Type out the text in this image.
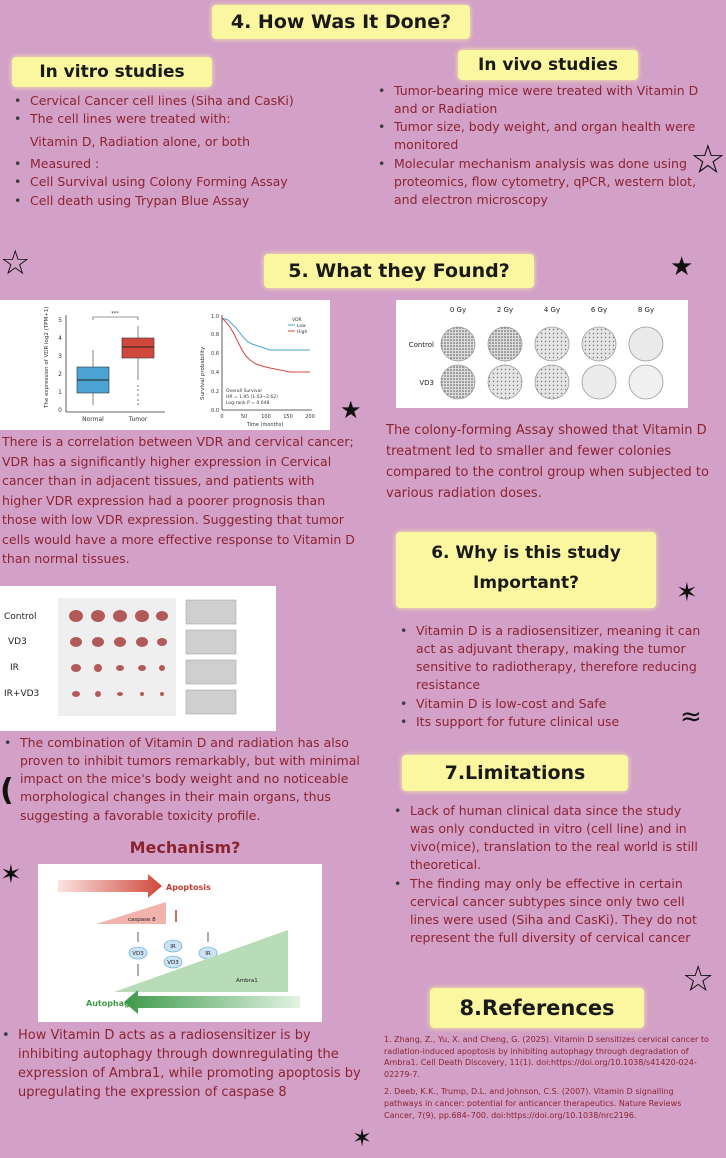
4. How Was It Done?
In vitro studies
• Cervical Cancer cell lines (Siha and CasKi)
• The cell lines were treated with:
Vitamin D, Radiation alone, or both
• Measured :
• Cell Survival using Colony Forming Assay
• Cell death using Trypan Blue Assay
In vivo studies
• Tumor-bearing mice were treated with Vitamin D and or Radiation
• Tumor size, body weight, and organ health were monitored
• Molecular mechanism analysis was done using proteomics, flow cytometry, qPCR, western blot, and electron microscopy
☆
☆
★
★
5. What they Found?
The expression of VDR log2 (TPM+1)
0
1
2
3
4
5
***
Normal	Tumor
Survival probability
0.0
0.2
0.4
0.6
0.8
1.0
0	50	100 150 200
Time (months)
VDR
Low
High
Overall Survival
HR = 1.95 (1.03~2.62)
Log-rank P = 0.048
0 Gy	2 Gy	4 Gy	6 Gy	8 Gy
Control
VD3
There is a correlation between VDR and cervical cancer; VDR has a significantly higher expression in Cervical cancer than in adjacent tissues, and patients with higher VDR expression had a poorer prognosis than those with low VDR expression. Suggesting that tumor cells would have a more effective response to Vitamin D than normal tissues.
The colony-forming Assay showed that Vitamin D treatment led to smaller and fewer colonies compared to the control group when subjected to various radiation doses.
Control
VD3
IR
IR+VD3
• The combination of Vitamin D and radiation has also proven to inhibit tumors remarkably, but with minimal impact on the mice's body weight and no noticeable morphological changes in their main organs, thus suggesting a favorable toxicity profile.
(
Mechanism?
✶	Apoptosis
caspase 8
IR
VD3
VD3
IR
Ambra1
Autophagy
• How Vitamin D acts as a radiosensitizer is by inhibiting autophagy through downregulating the expression of Ambra1, while promoting apoptosis by upregulating the expression of caspase 8
✶
6. Why is this study Important?	✶
• Vitamin D is a radiosensitizer, meaning it can act as adjuvant therapy, making the tumor sensitive to radiotherapy, therefore reducing resistance
• Vitamin D is low-cost and Safe
• Its support for future clinical use	≈
7.Limitations
• Lack of human clinical data since the study was only conducted in vitro (cell line) and in vivo(mice), translation to the real world is still theoretical.
• The finding may only be effective in certain cervical cancer subtypes since only two cell lines were used (Siha and CasKi). They do not represent the full diversity of cervical cancer
☆
8.References
1. Zhang, Z., Yu, X. and Cheng, G. (2025). Vitamin D sensitizes cervical cancer to radiation-induced apoptosis by inhibiting autophagy through degradation of Ambra1. Cell Death Discovery, 11(1). doi:https://doi.org/10.1038/s41420-024-02279-7.
2. Deeb, K.K., Trump, D.L. and Johnson, C.S. (2007). Vitamin D signalling pathways in cancer: potential for anticancer therapeutics. Nature Reviews Cancer, 7(9), pp.684–700. doi:https://doi.org/10.1038/nrc2196.
